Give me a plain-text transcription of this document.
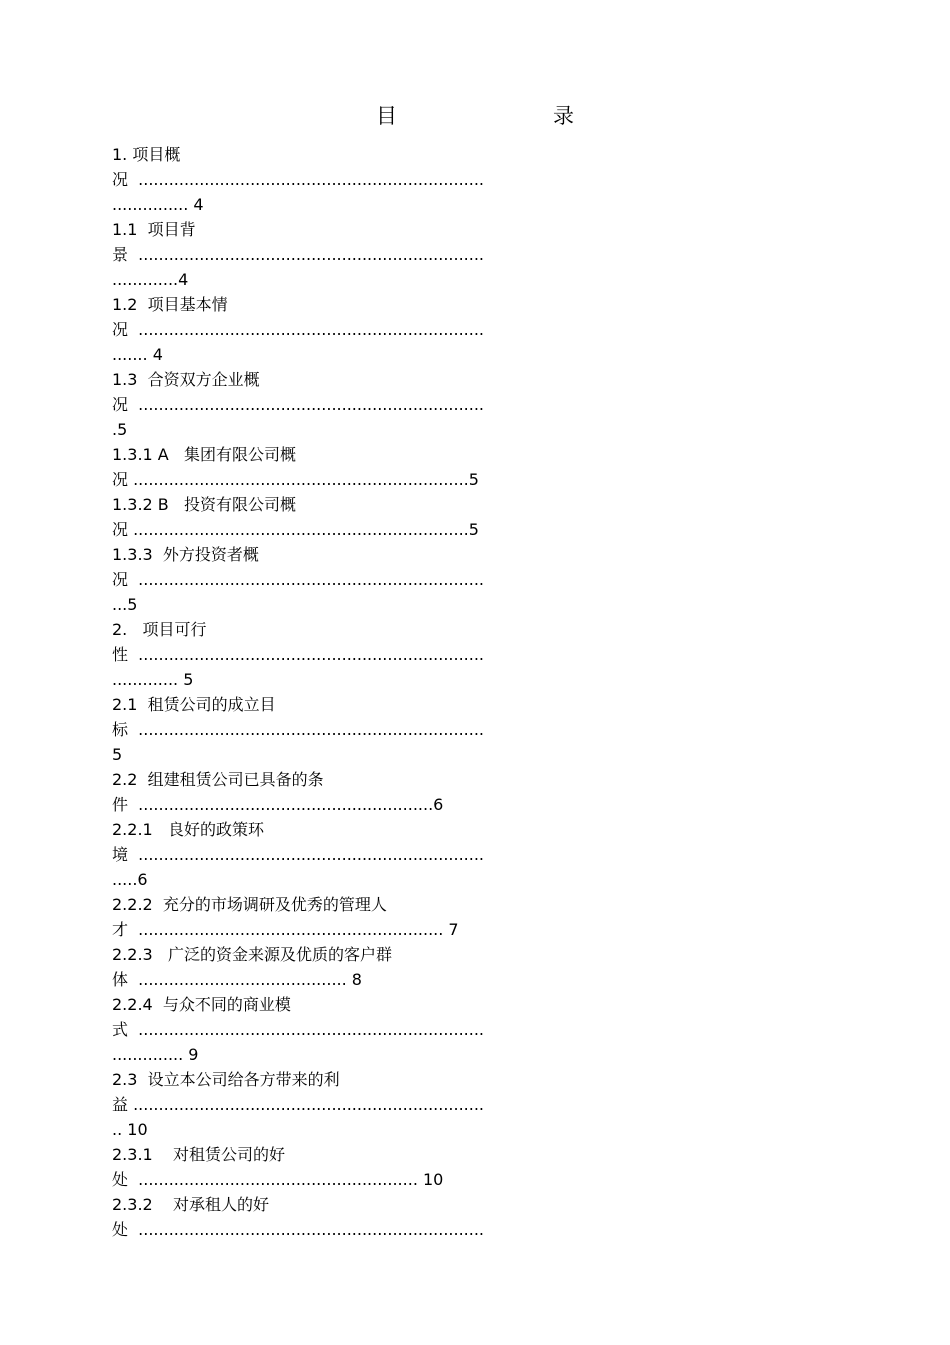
目　　录
1. 项目概
况  ....................................................................
............... 4
1.1  项目背
景  ....................................................................
.............4
1.2  项目基本情
况  ....................................................................
....... 4
1.3  合资双方企业概
况  ....................................................................
.5
1.3.1 A   集团有限公司概
况 ..................................................................5
1.3.2 B   投资有限公司概
况 ..................................................................5
1.3.3  外方投资者概
况  ....................................................................
...5
2.   项目可行
性  ....................................................................
............. 5
2.1  租赁公司的成立目
标  ....................................................................
5
2.2  组建租赁公司已具备的条
件  ..........................................................6
2.2.1   良好的政策环
境  ....................................................................
.....6
2.2.2  充分的市场调研及优秀的管理人
才  ............................................................ 7
2.2.3   广泛的资金来源及优质的客户群
体  ......................................... 8
2.2.4  与众不同的商业模
式  ....................................................................
.............. 9
2.3  设立本公司给各方带来的利
益 .....................................................................
.. 10
2.3.1    对租赁公司的好
处  ....................................................... 10
2.3.2    对承租人的好
处  ....................................................................
